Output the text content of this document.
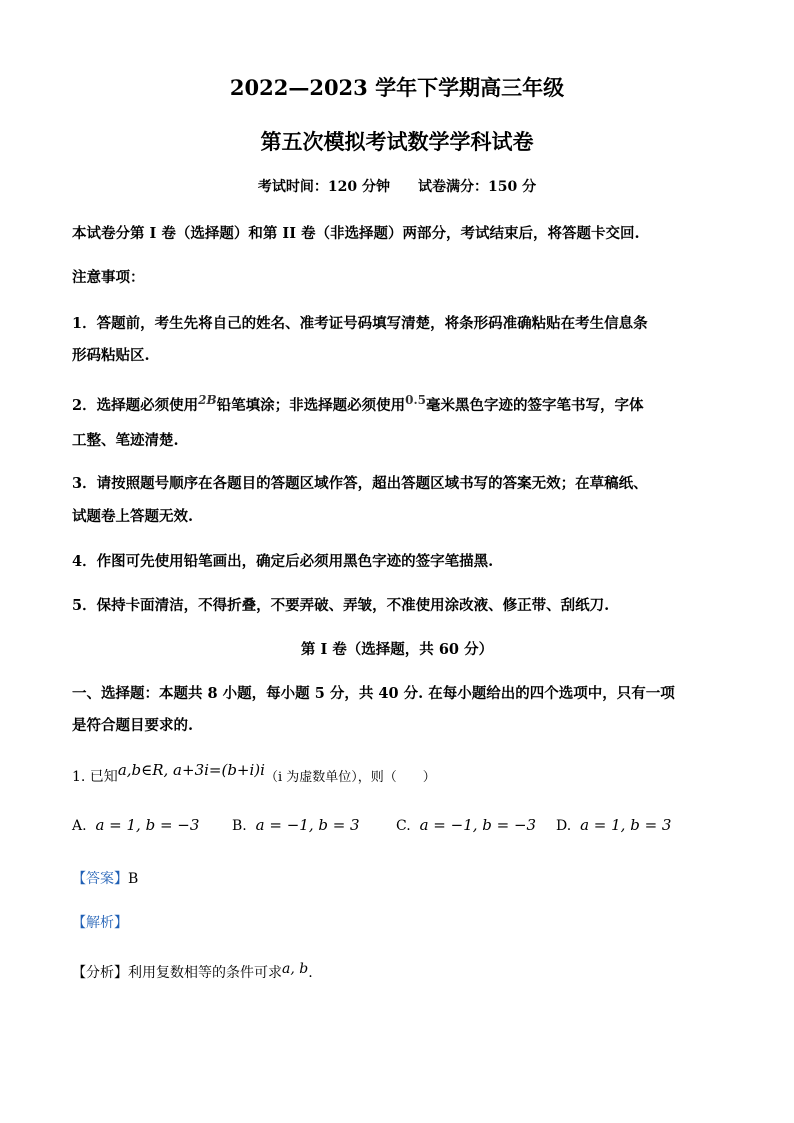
2022—2023 学年下学期高三年级
第五次模拟考试数学学科试卷
考试时间：120 分钟　　试卷满分：150 分
本试卷分第 I 卷（选择题）和第 II 卷（非选择题）两部分，考试结束后，将答题卡交回.
注意事项：
1．答题前，考生先将自己的姓名、准考证号码填写清楚，将条形码准确粘贴在考生信息条
形码粘贴区.
2．选择题必须使用$^{2B}$铅笔填涂；非选择题必须使用$^{0.5}$毫米黑色字迹的签字笔书写，字体
工整、笔迹清楚.
3．请按照题号顺序在各题目的答题区域作答，超出答题区域书写的答案无效；在草稿纸、
试题卷上答题无效.
4．作图可先使用铅笔画出，确定后必须用黑色字迹的签字笔描黑.
5．保持卡面清洁，不得折叠，不要弄破、弄皱，不准使用涂改液、修正带、刮纸刀.
第 I 卷（选择题，共 60 分）
一、选择题：本题共 8 小题，每小题 5 分，共 40 分. 在每小题给出的四个选项中，只有一项
是符合题目要求的.
1. 已知a,b∈R, a+3i=(b+i)i（i 为虚数单位），则（　　）
A. a = 1, b = −3 B. a = −1, b = 3	C. a = −1, b = −3 D. a = 1, b = 3
【答案】B
【解析】
【分析】利用复数相等的条件可求a, b.
